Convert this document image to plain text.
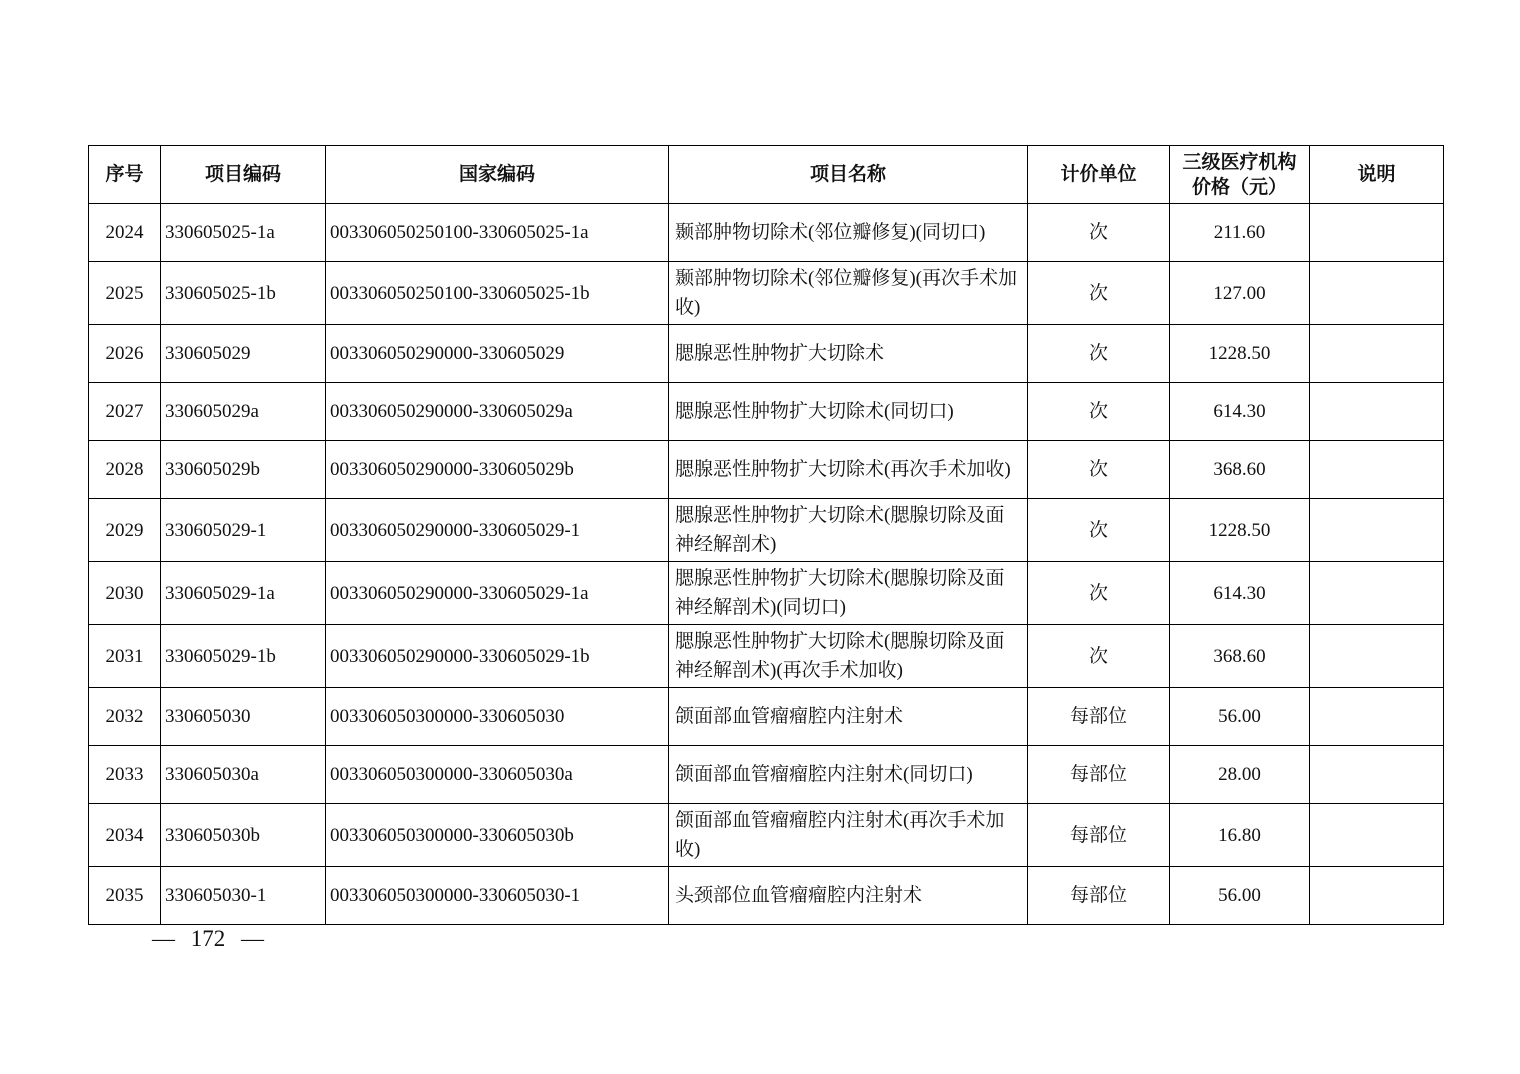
序号	项目编码	国家编码	项目名称	计价单位	三级医疗机构价格（元）	说明
2024	330605025-1a	003306050250100-330605025-1a	颞部肿物切除术(邻位瓣修复)(同切口)	次	211.60	
2025	330605025-1b	003306050250100-330605025-1b	颞部肿物切除术(邻位瓣修复)(再次手术加收)	次	127.00	
2026	330605029	003306050290000-330605029	腮腺恶性肿物扩大切除术	次	1228.50	
2027	330605029a	003306050290000-330605029a	腮腺恶性肿物扩大切除术(同切口)	次	614.30	
2028	330605029b	003306050290000-330605029b	腮腺恶性肿物扩大切除术(再次手术加收)	次	368.60	
2029	330605029-1	003306050290000-330605029-1	腮腺恶性肿物扩大切除术(腮腺切除及面神经解剖术)	次	1228.50	
2030	330605029-1a	003306050290000-330605029-1a	腮腺恶性肿物扩大切除术(腮腺切除及面神经解剖术)(同切口)	次	614.30	
2031	330605029-1b	003306050290000-330605029-1b	腮腺恶性肿物扩大切除术(腮腺切除及面神经解剖术)(再次手术加收)	次	368.60	
2032	330605030	003306050300000-330605030	颌面部血管瘤瘤腔内注射术	每部位	56.00	
2033	330605030a	003306050300000-330605030a	颌面部血管瘤瘤腔内注射术(同切口)	每部位	28.00	
2034	330605030b	003306050300000-330605030b	颌面部血管瘤瘤腔内注射术(再次手术加收)	每部位	16.80	
2035	330605030-1	003306050300000-330605030-1	头颈部位血管瘤瘤腔内注射术	每部位	56.00	
— 172 —
